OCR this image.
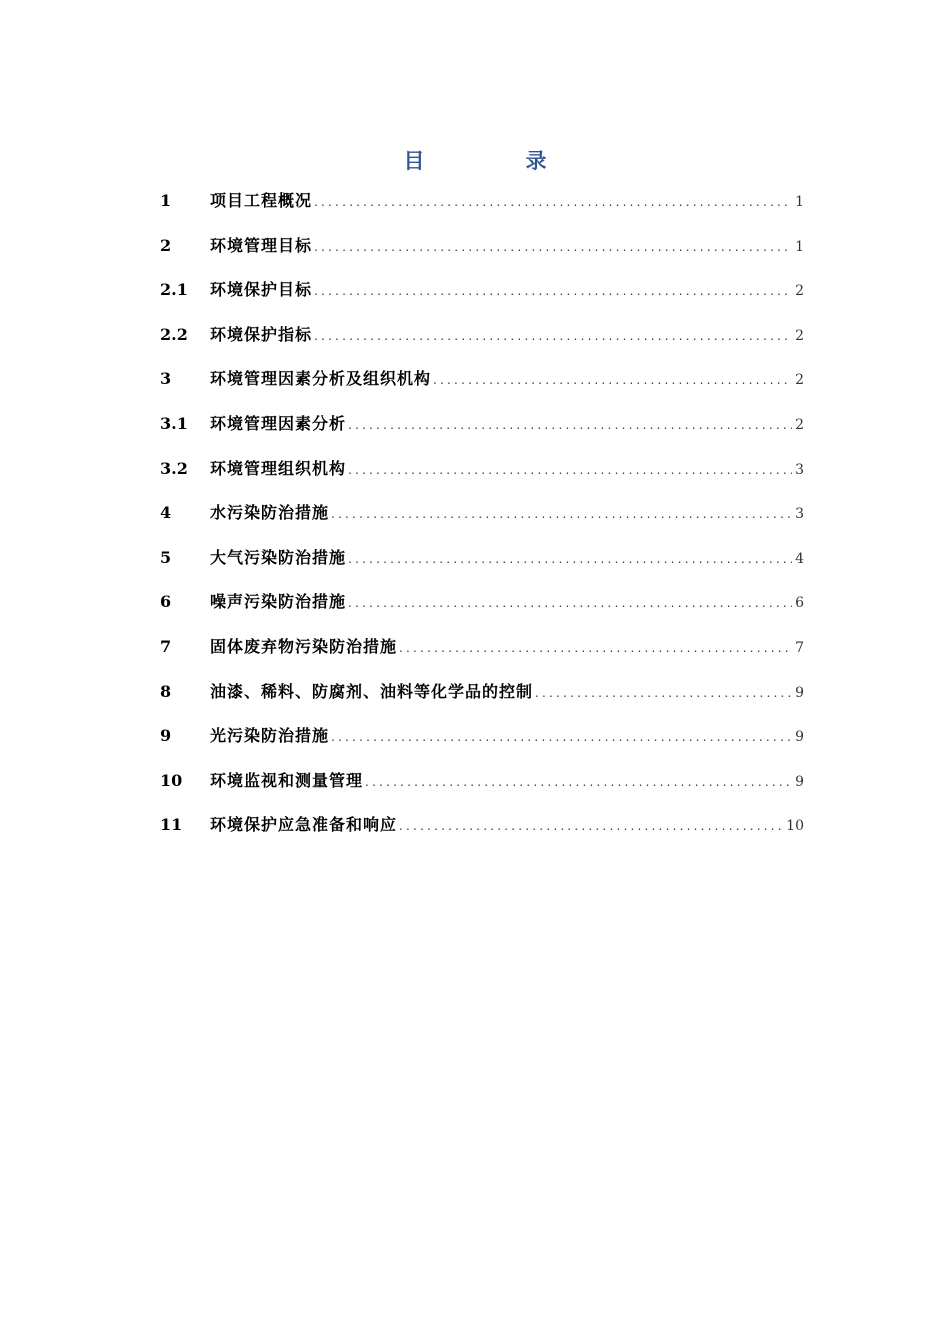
目　录
1	项目工程概况 .....	1
2	环境管理目标 .....	1
2.1	环境保护目标 .....	2
2.2	环境保护指标 .....	2
3	环境管理因素分析及组织机构 .....	2
3.1	环境管理因素分析 .....	2
3.2	环境管理组织机构 .....	3
4	水污染防治措施 .....	3
5	大气污染防治措施 .....	4
6	噪声污染防治措施 .....	6
7	固体废弃物污染防治措施 .....	7
8	油漆、稀料、防腐剂、油料等化学品的控制 .....	9
9	光污染防治措施 .....	9
10	环境监视和测量管理 .....	9
11	环境保护应急准备和响应 .....	10
